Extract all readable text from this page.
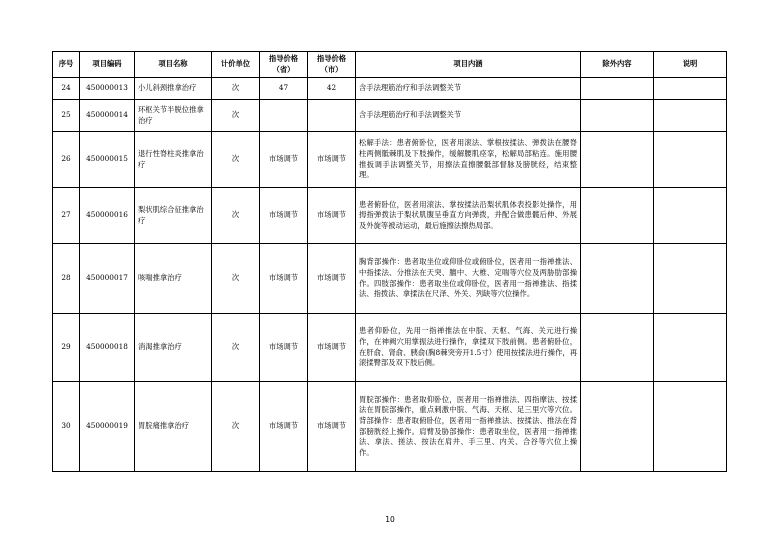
序号	项目编码	项目名称	计价单位	指导价格（省）	指导价格（市）	项目内涵	除外内容	说明
24	450000013	小儿斜颈推拿治疗	次	47	42	含手法理筋治疗和手法调整关节		
25	450000014	环枢关节半脱位推拿治疗	次			含手法理筋治疗和手法调整关节		
26	450000015	退行性脊柱炎推拿治疗	次	市场调节	市场调节	松解手法：患者俯卧位，医者用滚法、掌根按揉法、弹拨法在腰脊柱两侧骶棘肌及下肢操作，缓解腰肌痉挛，松解局部粘连。施用腰推扳调手法调整关节，用擦法直擦腰骶部督脉及膀胱经，结束整理。		
27	450000016	梨状肌综合征推拿治疗	次	市场调节	市场调节	患者俯卧位，医者用滚法、掌按揉法沿梨状肌体表投影处操作，用拇指弹拨法于梨状肌腹呈垂直方向弹拨，并配合做患髋后伸、外展及外旋等被动运动，最后施擦法擦热局部。		
28	450000017	咳喘推拿治疗	次	市场调节	市场调节	胸背部操作：患者取坐位或仰卧位或俯卧位，医者用一指禅推法、中指揉法、分推法在天突、膻中、大椎、定喘等穴位及两胁肋部操作。四肢部操作：患者取坐位或仰卧位，医者用一指禅推法、指揉法、指拨法、拿揉法在尺泽、外关、列缺等穴位操作。		
29	450000018	消渴推拿治疗	次	市场调节	市场调节	患者仰卧位，先用一指禅推法在中脘、天枢、气海、关元进行操作，在神阙穴用掌振法进行操作，拿揉双下肢前侧。患者俯卧位，在肝俞、肾俞、胰俞(胸8棘突旁开1.5寸）使用按揉法进行操作，再滚揉臀部及双下肢后侧。		
30	450000019	胃脘痛推拿治疗	次	市场调节	市场调节	胃脘部操作：患者取仰卧位，医者用一指禅推法、四指摩法、按揉法在胃脘部操作，重点刺激中脘、气海、天枢、足三里穴等穴位。背部操作：患者取俯卧位，医者用一指禅推法、按揉法、推法在背部膀胱经上操作。肩臂及胁部操作：患者取坐位，医者用一指禅推法、拿法、搓法、按法在肩井、手三里、内关、合谷等穴位上操作。		
10
